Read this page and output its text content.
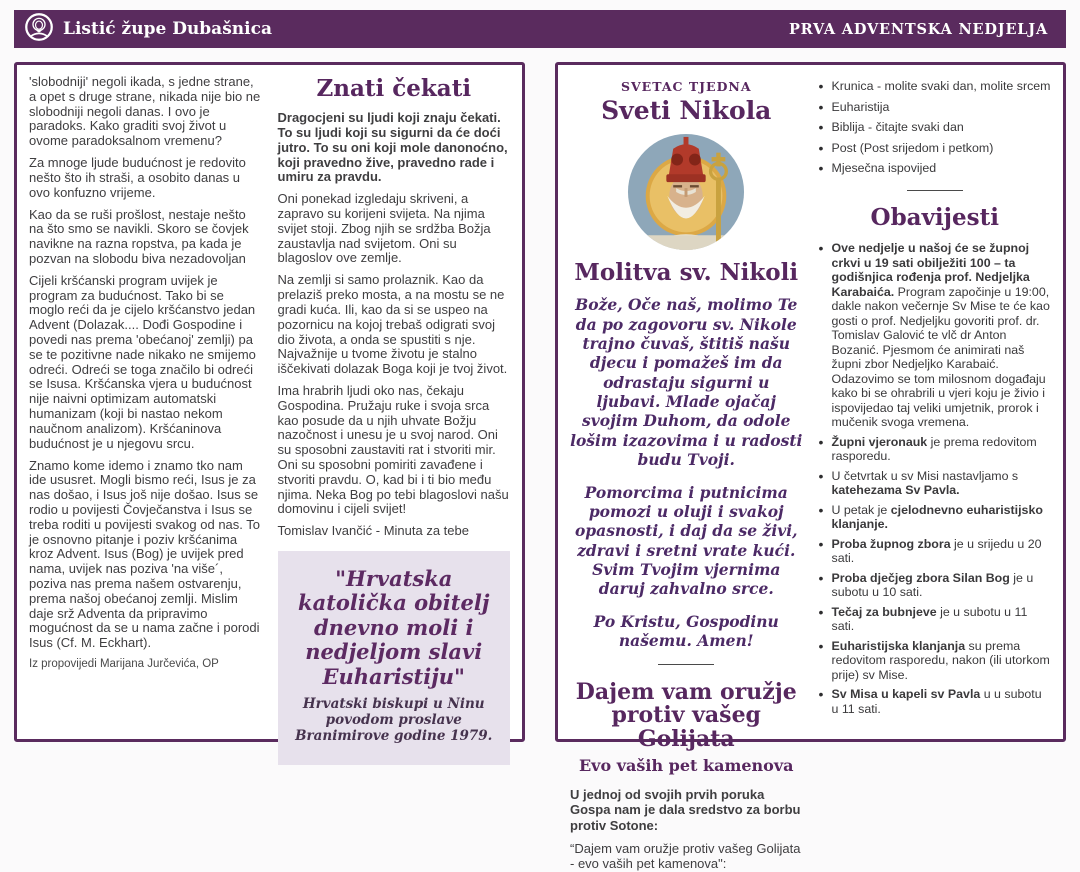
Listić župe Dubašnica	PRVA ADVENTSKA NEDJELJA

'slobodniji' negoli ikada, s jedne strane, a opet s druge strane, nikada nije bio ne slobodniji negoli danas. I ovo je paradoks. Kako graditi svoj život u ovome paradoksalnom vremenu?

Za mnoge ljude budućnost je redovito nešto što ih straši, a osobito danas u ovo konfuzno vrijeme.

Kao da se ruši prošlost, nestaje nešto na što smo se navikli. Skoro se čovjek navikne na razna ropstva, pa kada je pozvan na slobodu biva nezadovoljan

Cijeli kršćanski program uvijek je program za budućnost. Tako bi se moglo reći da je cijelo kršćanstvo jedan Advent (Dolazak.... Dođi Gospodine i povedi nas prema 'obećanoj' zemlji) pa se te pozitivne nade nikako ne smijemo odreći. Odreći se toga značilo bi odreći se Isusa. Kršćanska vjera u budućnost nije naivni optimizam automatski humanizam (koji bi nastao nekom naučnom analizom). Kršćaninova budućnost je u njegovu srcu.

Znamo kome idemo i znamo tko nam ide ususret. Mogli bismo reći, Isus je za nas došao, i Isus još nije došao. Isus se rodio u povijesti Čovječanstva i Isus se treba roditi u povijesti svakog od nas. To je osnovno pitanje i poziv kršćanima kroz Advent. Isus (Bog) je uvijek pred nama, uvijek nas poziva 'na više´, poziva nas prema našem ostvarenju, prema našoj obećanoj zemlji. Mislim daje srž Adventa da pripravimo mogućnost da se u nama začne i porodi Isus (Cf. M. Eckhart).

Iz propovijedi Marijana Jurčevića, OP

Znati čekati

Dragocjeni su ljudi koji znaju čekati. To su ljudi koji su sigurni da će doći jutro. To su oni koji mole danonoćno, koji pravedno žive, pravedno rade i umiru za pravdu.

Oni ponekad izgledaju skriveni, a zapravo su korijeni svijeta. Na njima svijet stoji. Zbog njih se srdžba Božja zaustavlja nad svijetom. Oni su blagoslov ove zemlje.

Na zemlji si samo prolaznik. Kao da prelaziš preko mosta, a na mostu se ne gradi kuća. Ili, kao da si se uspeo na pozornicu na kojoj trebaš odigrati svoj dio života, a onda se spustiti s nje. Najvažnije u tvome životu je stalno iščekivati dolazak Boga koji je tvoj život.

Ima hrabrih ljudi oko nas, čekaju Gospodina. Pružaju ruke i svoja srca kao posude da u njih uhvate Božju nazočnost i unesu je u svoj narod. Oni su sposobni zaustaviti rat i stvoriti mir. Oni su sposobni pomiriti zavađene i stvoriti pravdu. O, kad bi i ti bio među njima. Neka Bog po tebi blagoslovi našu domovinu i cijeli svijet!

Tomislav Ivančić - Minuta za tebe

"Hrvatska katolička obitelj dnevno moli i nedjeljom slavi Euharistiju"

Hrvatski biskupi u Ninu povodom proslave Branimirove godine 1979.

SVETAC TJEDNA
Sveti Nikola
Molitva sv. Nikoli

Bože, Oče naš, molimo Te da po zagovoru sv. Nikole trajno čuvaš, štitiš našu djecu i pomažeš im da odrastaju sigurni u ljubavi. Mlade ojačaj svojim Duhom, da odole lošim izazovima i u radosti budu Tvoji.

Pomorcima i putnicima pomozi u oluji i svakoj opasnosti, i daj da se živi, zdravi i sretni vrate kući. Svim Tvojim vjernima daruj zahvalno srce.

Po Kristu, Gospodinu našemu. Amen!

Dajem vam oružje protiv vašeg Golijata
Evo vaših pet kamenova

U jednoj od svojih prvih poruka Gospa nam je dala sredstvo za borbu protiv Sotone:

“Dajem vam oružje protiv vašeg Golijata - evo vaših pet kamenova":

• Krunica - molite svaki dan, molite srcem
• Euharistija
• Biblija - čitajte svaki dan
• Post (Post srijedom i petkom)
• Mjesečna ispovijed
Obavijesti
• Ove nedjelje u našoj će se župnoj crkvi u 19 sati obilježiti 100 – ta godišnjica rođenja prof. Nedjeljka Karabaića. Program započinje u 19:00, dakle nakon večernje Sv Mise te će kao gosti o prof. Nedjeljku govoriti prof. dr. Tomislav Galović te vlč dr Anton Bozanić. Pjesmom će animirati naš župni zbor Nedjeljko Karabaić. Odazovimo se tom milosnom događaju kako bi se ohrabrili u vjeri koju je živio i ispovijedao taj veliki umjetnik, prorok i mučenik svoga vremena.
• Župni vjeronauk je prema redovitom rasporedu.
• U četvrtak u sv Misi nastavljamo s katehezama Sv Pavla.
• U petak je cjelodnevno euharistijsko klanjanje.
• Proba župnog zbora je u srijedu u 20 sati.
• Proba dječjeg zbora Silan Bog je u subotu u 10 sati.
• Tečaj za bubnjeve je u subotu u 11 sati.
• Euharistijska klanjanja su prema redovitom rasporedu, nakon (ili utorkom prije) sv Mise.
• Sv Misa u kapeli sv Pavla u u subotu u 11 sati.
